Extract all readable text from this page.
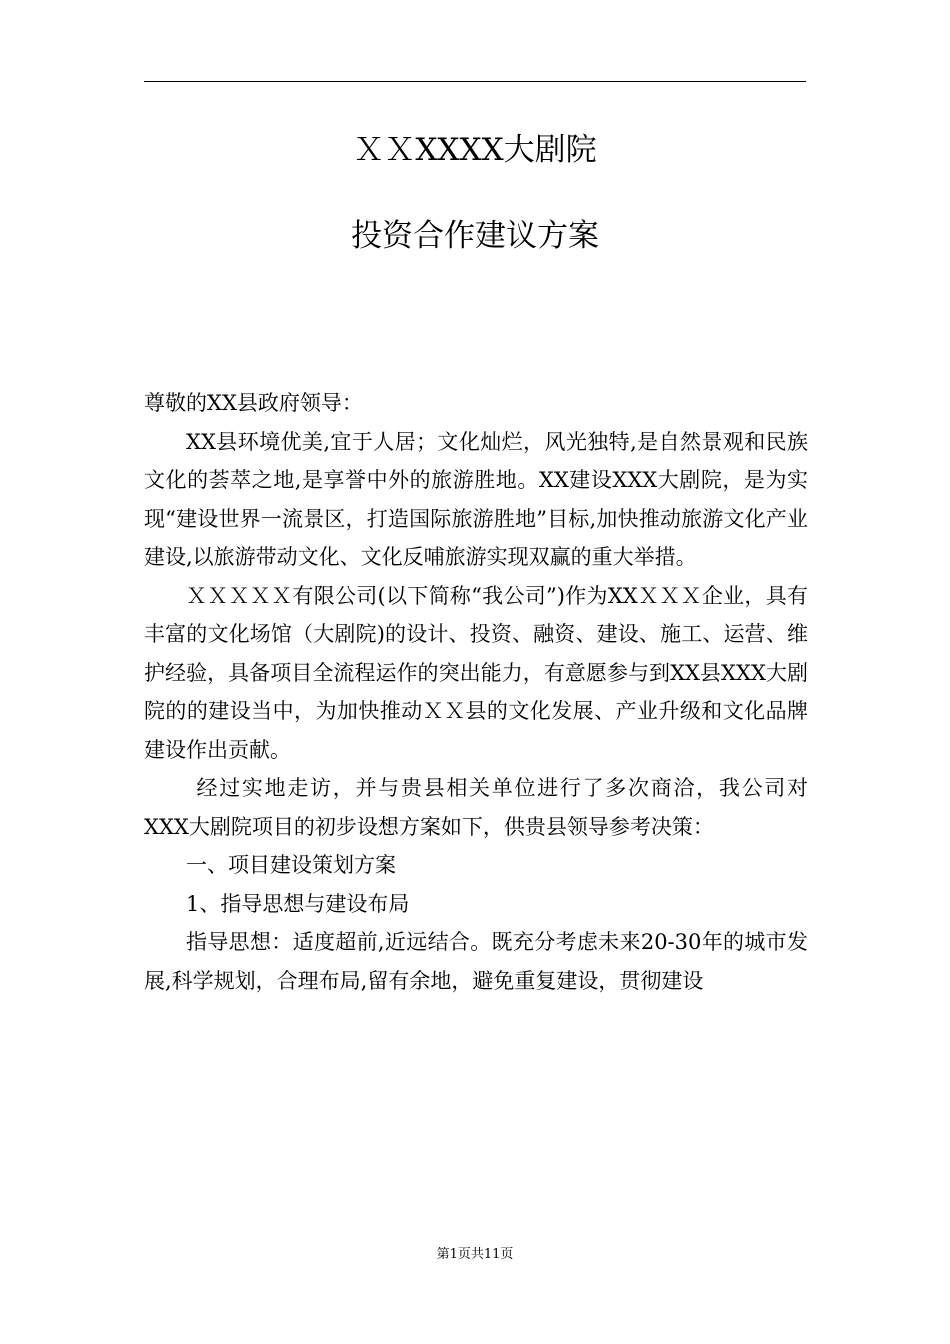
ＸＸXXXX大剧院
投资合作建议方案

尊敬的XX县政府领导：

XX县环境优美,宜于人居；文化灿烂，风光独特,是自然景观和民族文化的荟萃之地,是享誉中外的旅游胜地。XX建设XXX大剧院，是为实现“建设世界一流景区，打造国际旅游胜地”目标,加快推动旅游文化产业建设,以旅游带动文化、文化反哺旅游实现双赢的重大举措。

ＸＸＸＸＸ有限公司(以下简称“我公司”)作为XXＸＸＸ企业，具有丰富的文化场馆（大剧院)的设计、投资、融资、建设、施工、运营、维护经验，具备项目全流程运作的突出能力，有意愿参与到XX县XXX大剧院的的建设当中，为加快推动ＸＸ县的文化发展、产业升级和文化品牌建设作出贡献。

经过实地走访，并与贵县相关单位进行了多次商洽，我公司对XXX大剧院项目的初步设想方案如下，供贵县领导参考决策：

一、项目建设策划方案

1、指导思想与建设布局

指导思想：适度超前,近远结合。既充分考虑未来20-30年的城市发展,科学规划，合理布局,留有余地，避免重复建设，贯彻建设

第1页共11页
